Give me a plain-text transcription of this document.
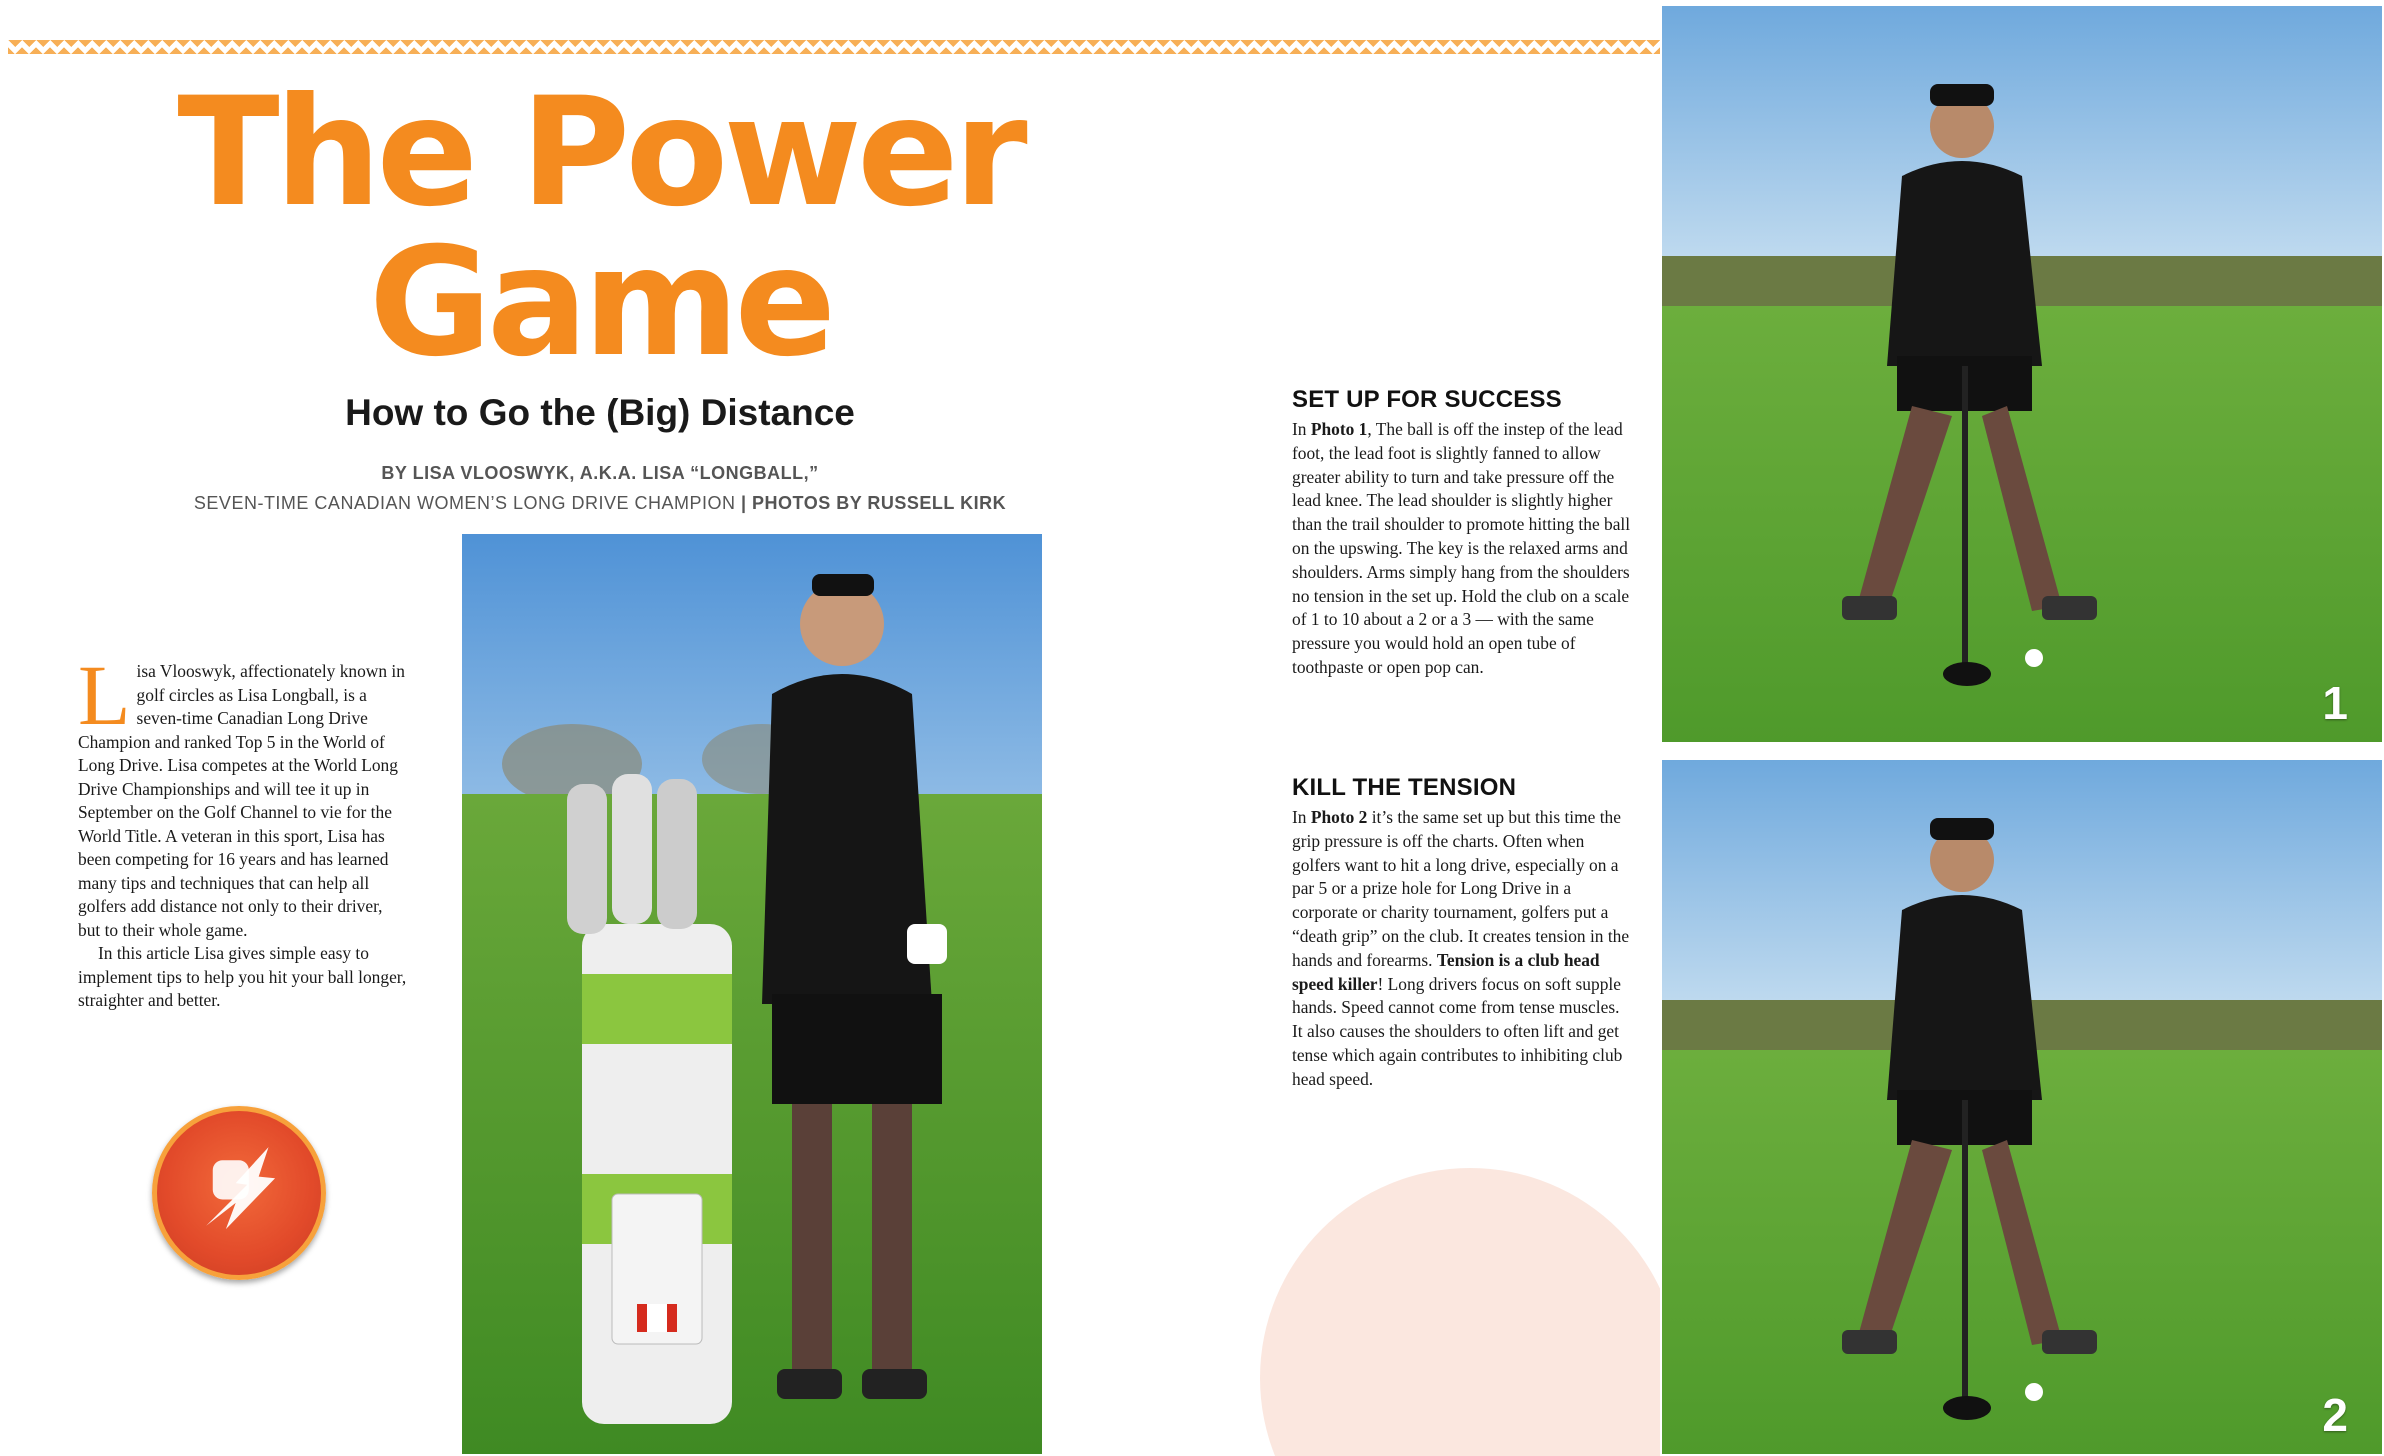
The Power
Game
How to Go the (Big) Distance
BY LISA VLOOSWYK, A.K.A. LISA “LONGBALL,”
SEVEN-TIME CANADIAN WOMEN’S LONG DRIVE CHAMPION | PHOTOS BY RUSSELL KIRK

Lisa Vlooswyk, affectionately known in golf circles as Lisa Longball, is a seven-time Canadian Long Drive Champion and ranked Top 5 in the World of Long Drive. Lisa competes at the World Long Drive Championships and will tee it up in September on the Golf Channel to vie for the World Title. A veteran in this sport, Lisa has been competing for 16 years and has learned many tips and techniques that can help all golfers add distance not only to their driver, but to their whole game.

In this article Lisa gives simple easy to implement tips to help you hit your ball longer, straighter and better.

SET UP FOR SUCCESS

In Photo 1, The ball is off the instep of the lead foot, the lead foot is slightly fanned to allow greater ability to turn and take pressure off the lead knee. The lead shoulder is slightly higher than the trail shoulder to promote hitting the ball on the upswing. The key is the relaxed arms and shoulders. Arms simply hang from the shoulders no tension in the set up. Hold the club on a scale of 1 to 10 about a 2 or a 3 — with the same pressure you would hold an open tube of toothpaste or open pop can.

KILL THE TENSION

In Photo 2 it’s the same set up but this time the grip pressure is off the charts. Often when golfers want to hit a long drive, especially on a par 5 or a prize hole for Long Drive in a corporate or charity tournament, golfers put a “death grip” on the club. It creates tension in the hands and forearms. Tension is a club head speed killer! Long drivers focus on soft supple hands. Speed cannot come from tense muscles. It also causes the shoulders to often lift and get tense which again contributes to inhibiting club head speed.

1
2
